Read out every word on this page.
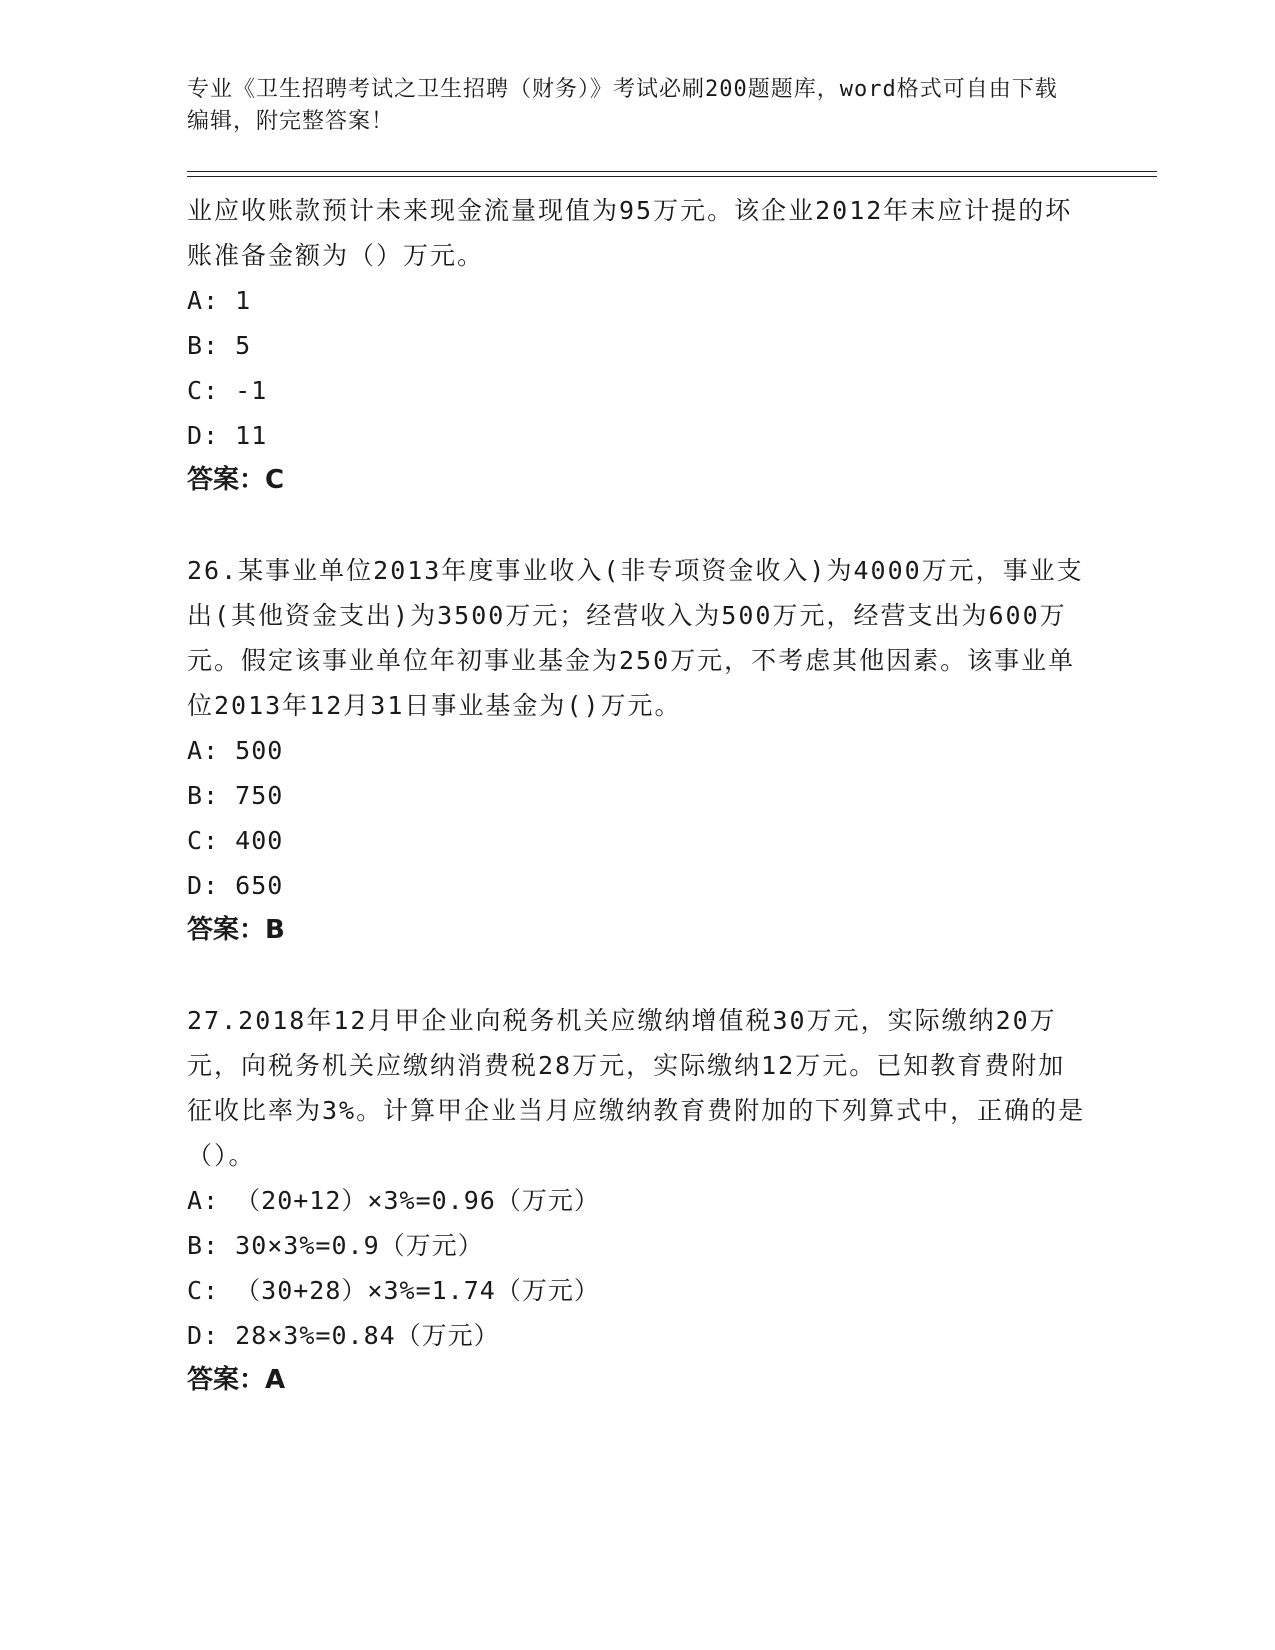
专业《卫生招聘考试之卫生招聘（财务）》考试必刷200题题库，word格式可自由下载编辑，附完整答案！

业应收账款预计未来现金流量现值为95万元。该企业2012年末应计提的坏账准备金额为（）万元。

A: 1

B: 5

C: -1

D: 11

答案：C

26.某事业单位2013年度事业收入(非专项资金收入)为4000万元，事业支出(其他资金支出)为3500万元；经营收入为500万元，经营支出为600万元。假定该事业单位年初事业基金为250万元，不考虑其他因素。该事业单位2013年12月31日事业基金为()万元。

A: 500

B: 750

C: 400

D: 650

答案：B

27.2018年12月甲企业向税务机关应缴纳增值税30万元，实际缴纳20万元，向税务机关应缴纳消费税28万元，实际缴纳12万元。已知教育费附加征收比率为3%。计算甲企业当月应缴纳教育费附加的下列算式中，正确的是（）。

A: （20+12）×3%=0.96（万元）

B: 30×3%=0.9（万元）

C: （30+28）×3%=1.74（万元）

D: 28×3%=0.84（万元）

答案：A
